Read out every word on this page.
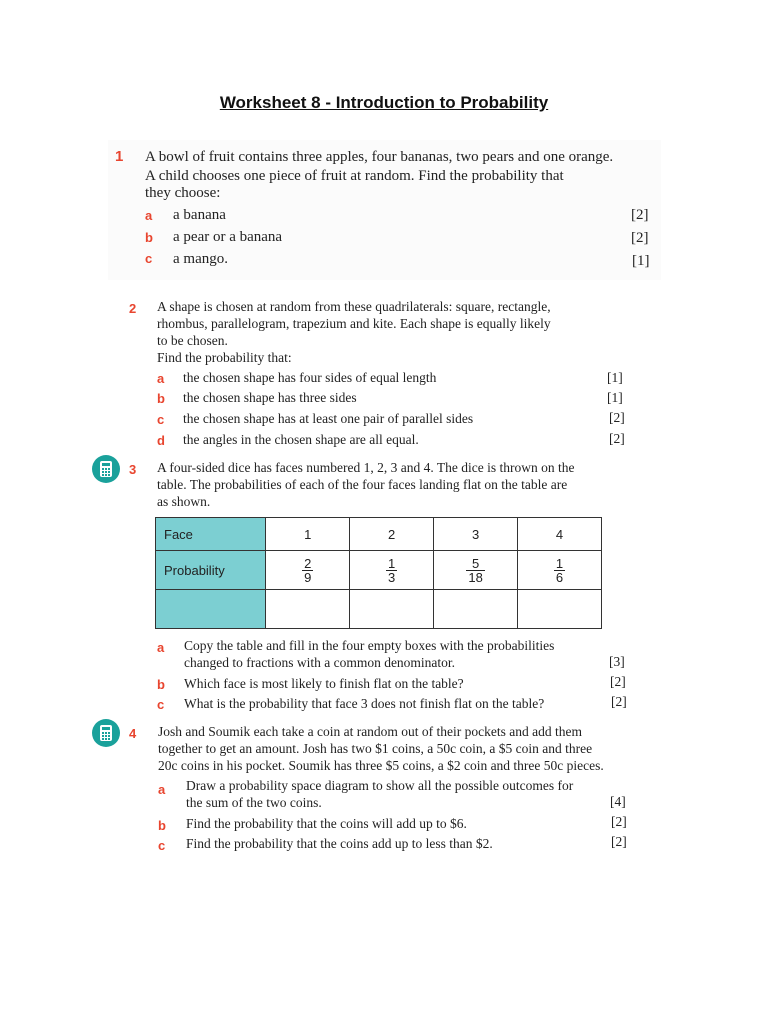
Worksheet 8 - Introduction to Probability
1 A bowl of fruit contains three apples, four bananas, two pears and one orange.
A child chooses one piece of fruit at random. Find the probability that
they choose:
a a banana	[2]
b a pear or a banana	[2]
c a mango.	[1]
2 A shape is chosen at random from these quadrilaterals: square, rectangle,
rhombus, parallelogram, trapezium and kite. Each shape is equally likely
to be chosen.
Find the probability that:
a the chosen shape has four sides of equal length	[1]
b the chosen shape has three sides	[1]
c the chosen shape has at least one pair of parallel sides	[2]
d the angles in the chosen shape are all equal.	[2]
3 A four-sided dice has faces numbered 1, 2, 3 and 4. The dice is thrown on the
table. The probabilities of each of the four faces landing flat on the table are
as shown.
Face	1	2	3	4
Probability	$\frac{2}{9}$	$\frac{1}{3}$	$\frac{5}{18}$	$\frac{1}{6}$

a Copy the table and fill in the four empty boxes with the probabilities
changed to fractions with a common denominator.	[3]
b Which face is most likely to finish flat on the table?	[2]
c What is the probability that face 3 does not finish flat on the table?	[2]
4 Josh and Soumik each take a coin at random out of their pockets and add them
together to get an amount. Josh has two $1 coins, a 50c coin, a $5 coin and three
20c coins in his pocket. Soumik has three $5 coins, a $2 coin and three 50c pieces.
a Draw a probability space diagram to show all the possible outcomes for
the sum of the two coins.	[4]
b Find the probability that the coins will add up to $6.	[2]
c Find the probability that the coins add up to less than $2.	[2]
